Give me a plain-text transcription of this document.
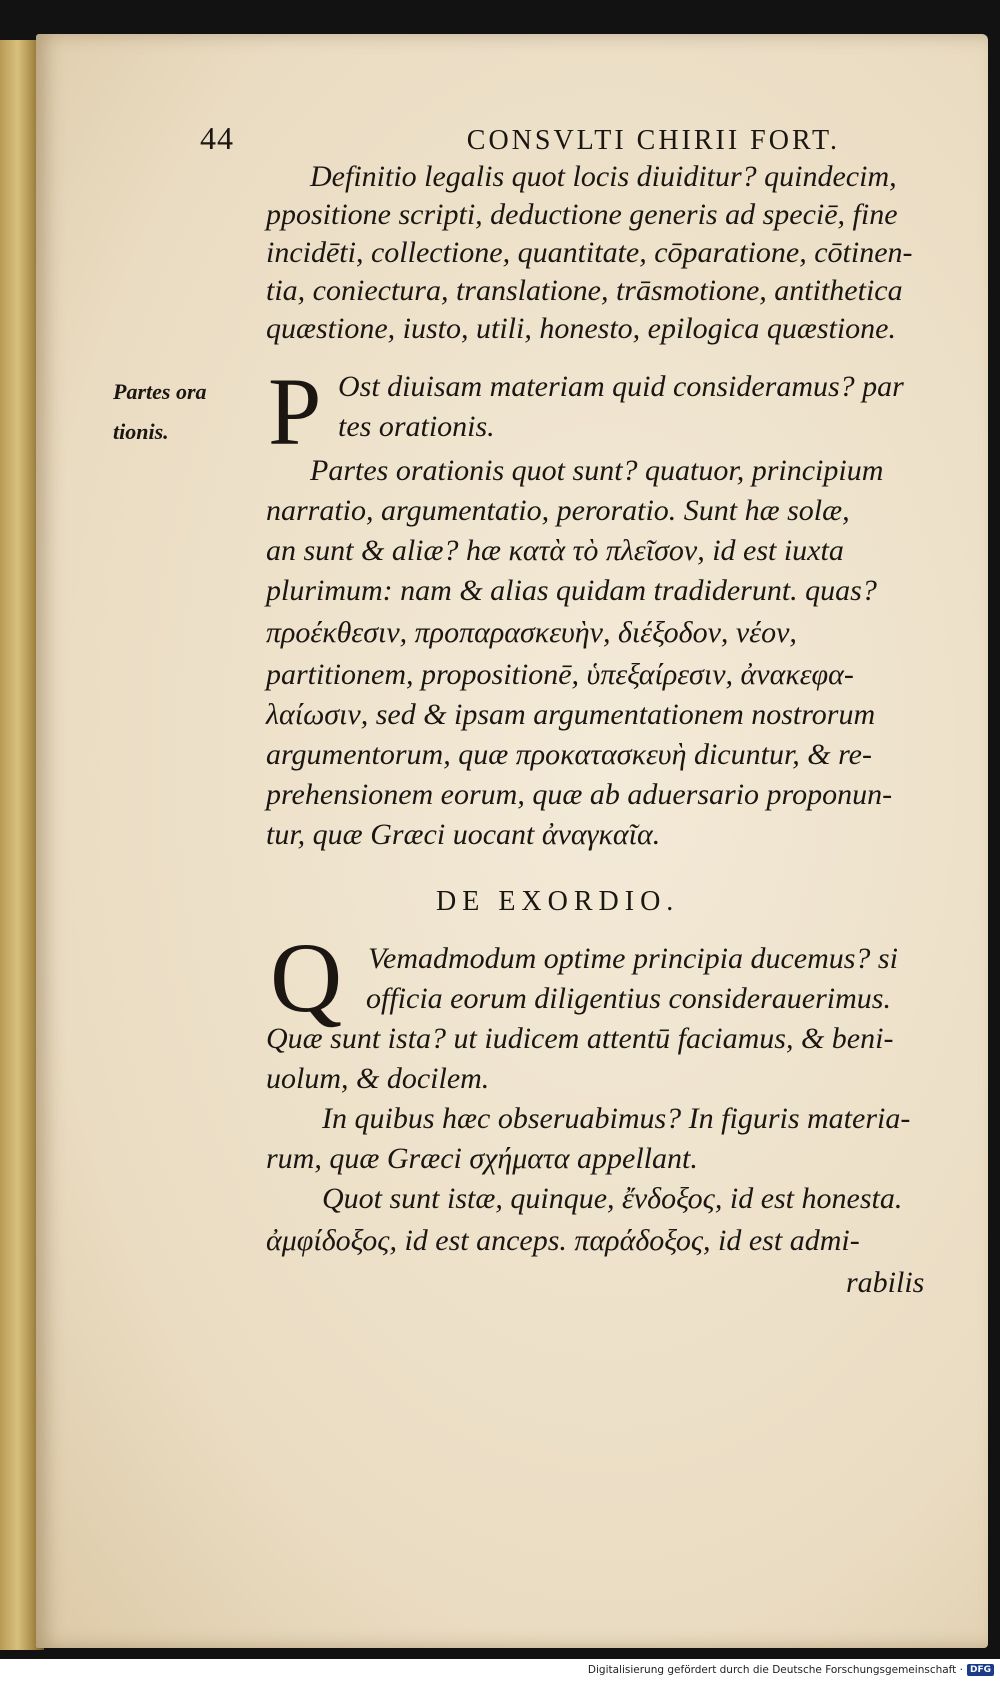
44	CONSVLTI CHIRII FORT.
Definitio legalis quot locis diuiditur? quindecim,
ppositione scripti, deductione generis ad speciē, fine
incidēti, collectione, quantitate, cōparatione, cōtinen-
tia, coniectura, translatione, trāsmotione, antithetica
quæstione, iusto, utili, honesto, epilogica quæstione.
Partes ora
tionis.	P Ost diuisam materiam quid consideramus? par
tes orationis.
Partes orationis quot sunt? quatuor, principium
narratio, argumentatio, peroratio. Sunt hæ solæ,
an sunt & aliæ? hæ κατὰ τὸ πλεῖσον, id est iuxta
plurimum: nam & alias quidam tradiderunt. quas?
προέκθεσιν, προπαρασκευὴν, διέξοδον, νέον,
partitionem, propositionē, ὑπεξαίρεσιν, ἀνακεφα-
λαίωσιν, sed & ipsam argumentationem nostrorum
argumentorum, quæ προκατασκευὴ dicuntur, & re-
prehensionem eorum, quæ ab aduersario proponun-
tur, quæ Græci uocant ἀναγκαῖα.
DE EXORDIO.
Q Vemadmodum optime principia ducemus? si
officia eorum diligentius considerauerimus.
Quæ sunt ista? ut iudicem attentū faciamus, & beni-
uolum, & docilem.
In quibus hæc obseruabimus? In figuris materia-
rum, quæ Græci σχήματα appellant.
Quot sunt istæ, quinque, ἔνδοξος, id est honesta.
ἀμφίδοξος, id est anceps. παράδοξος, id est admi-
rabilis
Digitalisierung gefördert durch die Deutsche Forschungsgemeinschaft · DFG
